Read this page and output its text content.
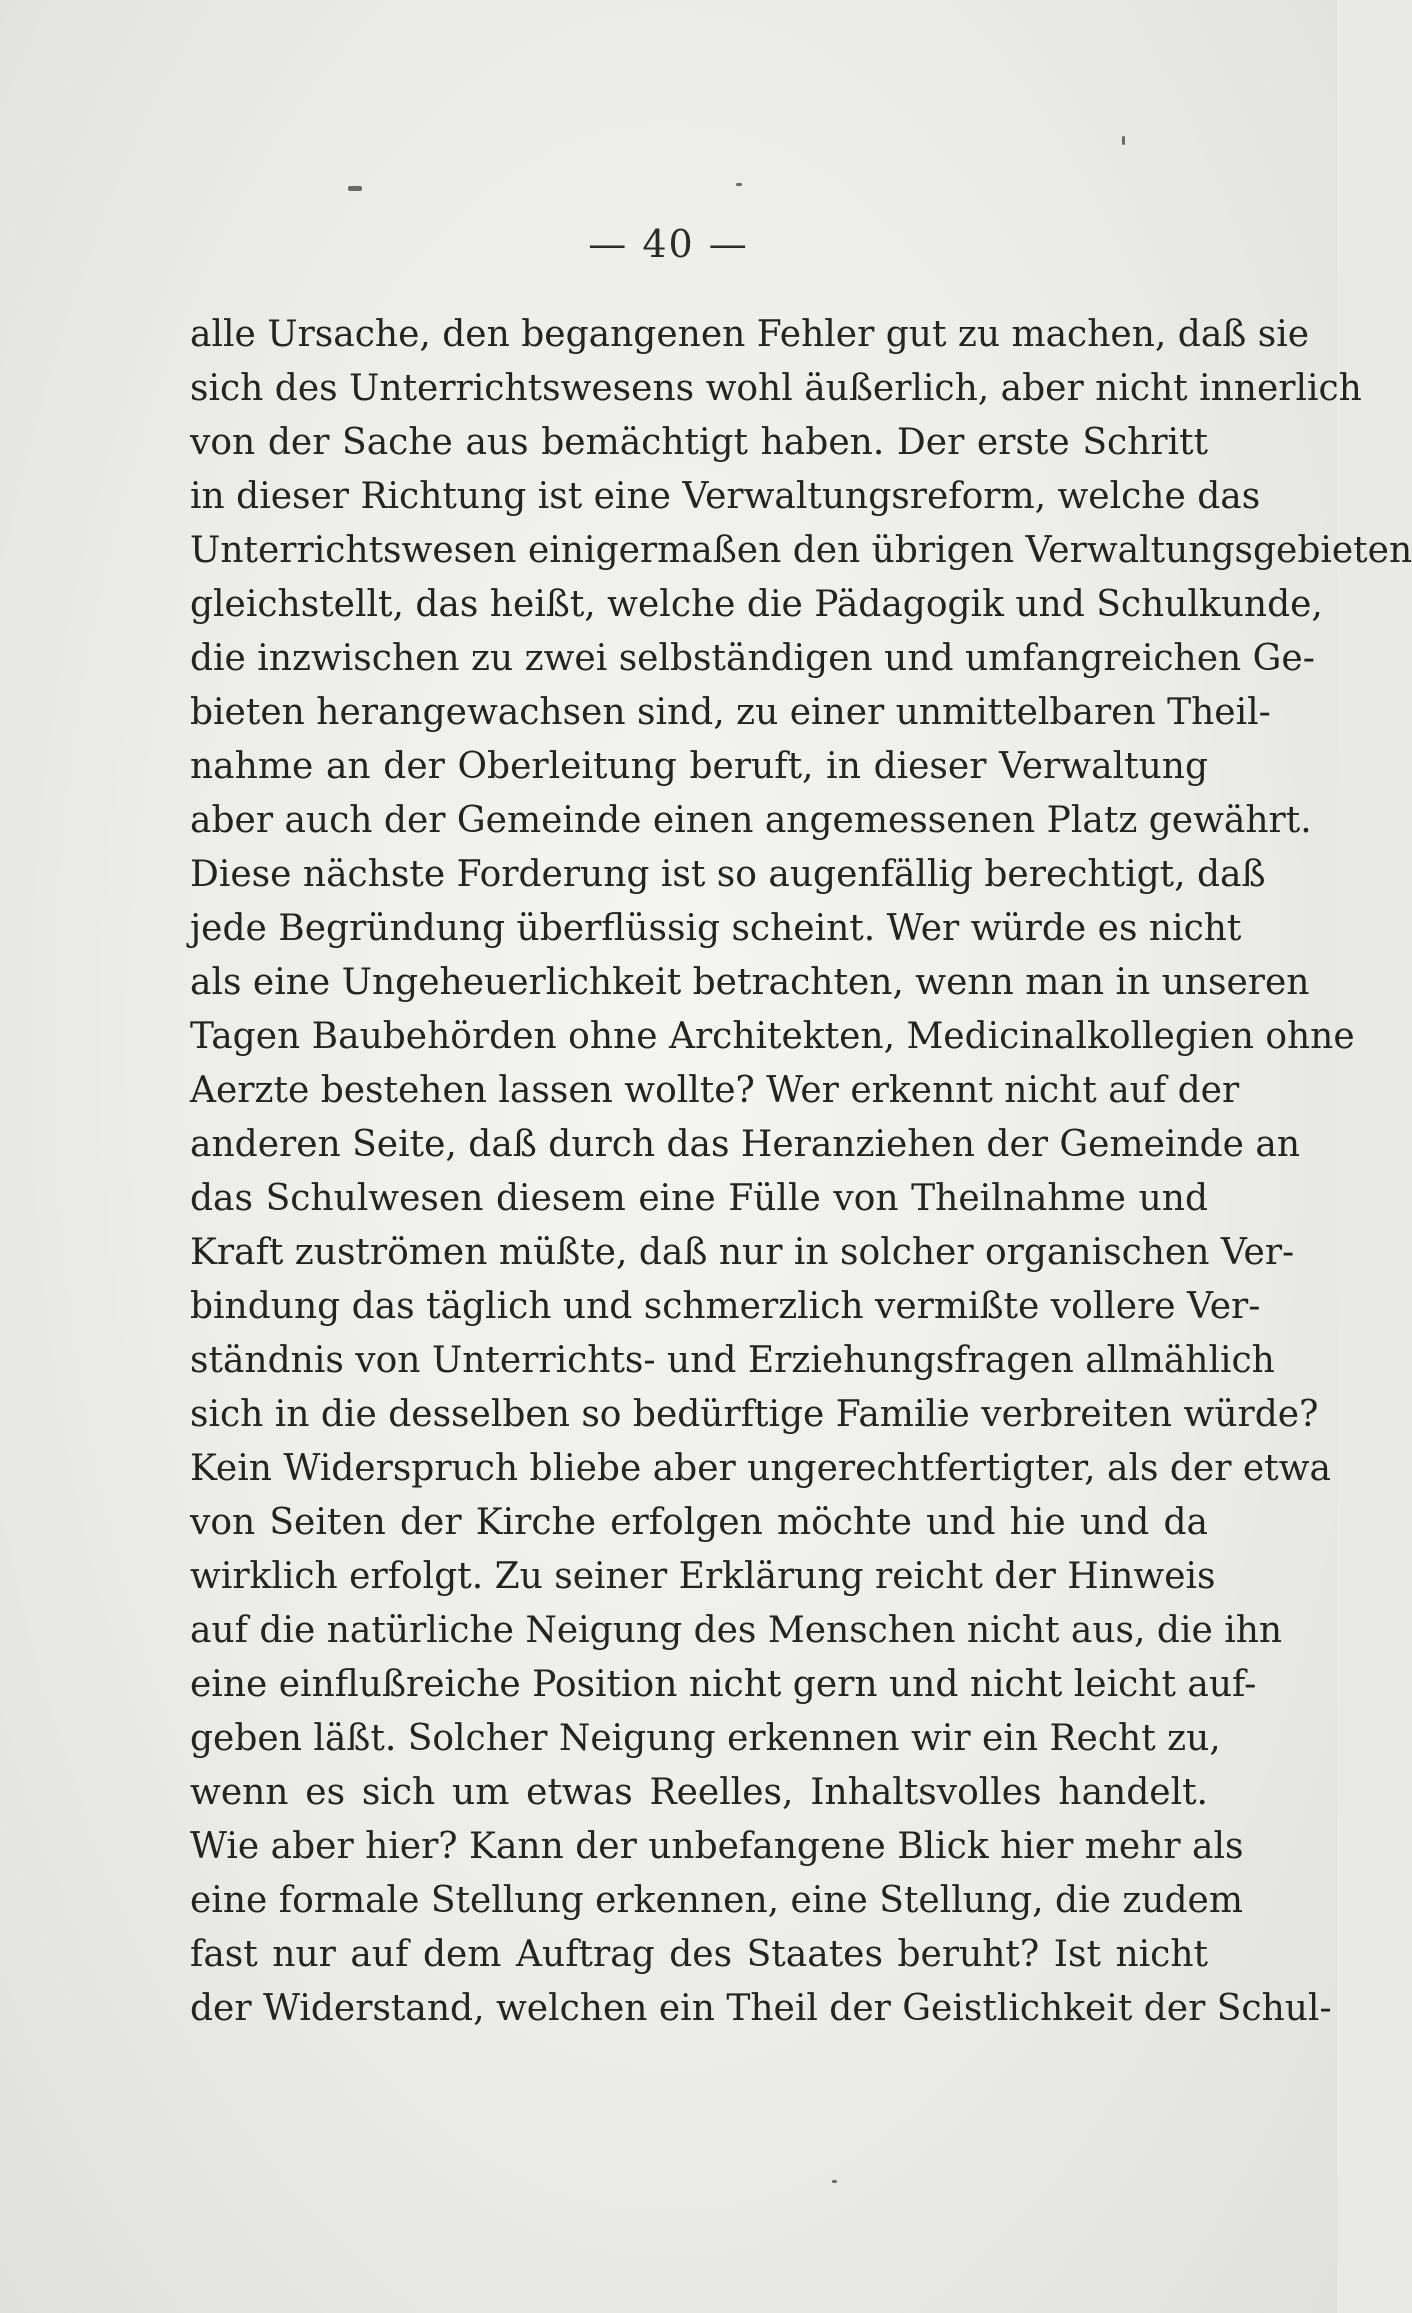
— 40 —
alle Ursache, den begangenen Fehler gut zu machen, daß sie
sich des Unterrichtswesens wohl äußerlich, aber nicht innerlich
von der Sache aus bemächtigt haben. Der erste Schritt
in dieser Richtung ist eine Verwaltungsreform, welche das
Unterrichtswesen einigermaßen den übrigen Verwaltungsgebieten
gleichstellt, das heißt, welche die Pädagogik und Schulkunde,
die inzwischen zu zwei selbständigen und umfangreichen Ge-
bieten herangewachsen sind, zu einer unmittelbaren Theil-
nahme an der Oberleitung beruft, in dieser Verwaltung
aber auch der Gemeinde einen angemessenen Platz gewährt.
Diese nächste Forderung ist so augenfällig berechtigt, daß
jede Begründung überflüssig scheint. Wer würde es nicht
als eine Ungeheuerlichkeit betrachten, wenn man in unseren
Tagen Baubehörden ohne Architekten, Medicinalkollegien ohne
Aerzte bestehen lassen wollte? Wer erkennt nicht auf der
anderen Seite, daß durch das Heranziehen der Gemeinde an
das Schulwesen diesem eine Fülle von Theilnahme und
Kraft zuströmen müßte, daß nur in solcher organischen Ver-
bindung das täglich und schmerzlich vermißte vollere Ver-
ständnis von Unterrichts- und Erziehungsfragen allmählich
sich in die desselben so bedürftige Familie verbreiten würde?
Kein Widerspruch bliebe aber ungerechtfertigter, als der etwa
von Seiten der Kirche erfolgen möchte und hie und da
wirklich erfolgt. Zu seiner Erklärung reicht der Hinweis
auf die natürliche Neigung des Menschen nicht aus, die ihn
eine einflußreiche Position nicht gern und nicht leicht auf-
geben läßt. Solcher Neigung erkennen wir ein Recht zu,
wenn es sich um etwas Reelles, Inhaltsvolles handelt.
Wie aber hier? Kann der unbefangene Blick hier mehr als
eine formale Stellung erkennen, eine Stellung, die zudem
fast nur auf dem Auftrag des Staates beruht? Ist nicht
der Widerstand, welchen ein Theil der Geistlichkeit der Schul-
